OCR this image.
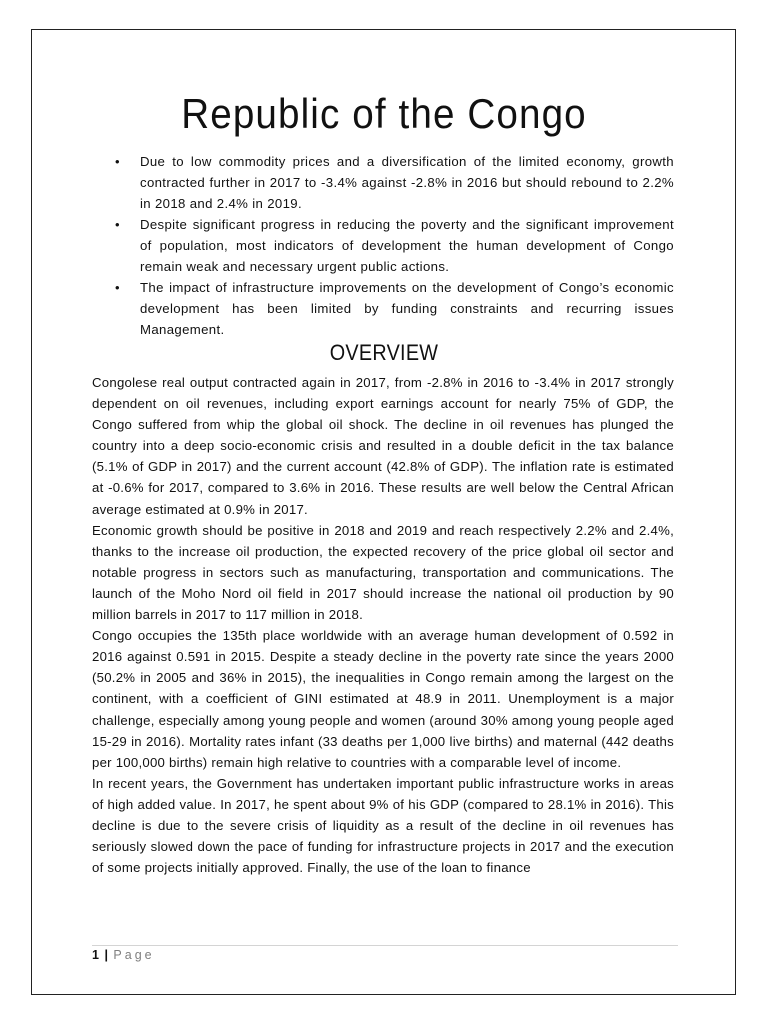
Republic of the Congo
• Due to low commodity prices and a diversification of the limited economy, growth contracted further in 2017 to -3.4% against -2.8% in 2016 but should rebound to 2.2% in 2018 and 2.4% in 2019.
• Despite significant progress in reducing the poverty and the significant improvement of population, most indicators of development the human development of Congo remain weak and necessary urgent public actions.
• The impact of infrastructure improvements on the development of Congo’s economic development has been limited by funding constraints and recurring issues Management.
OVERVIEW

Congolese real output contracted again in 2017, from -2.8% in 2016 to -3.4% in 2017 strongly dependent on oil revenues, including export earnings account for nearly 75% of GDP, the Congo suffered from whip the global oil shock. The decline in oil revenues has plunged the country into a deep socio-economic crisis and resulted in a double deficit in the tax balance (5.1% of GDP in 2017) and the current account (42.8% of GDP). The inflation rate is estimated at -0.6% for 2017, compared to 3.6% in 2016. These results are well below the Central African average estimated at 0.9% in 2017.

Economic growth should be positive in 2018 and 2019 and reach respectively 2.2% and 2.4%, thanks to the increase oil production, the expected recovery of the price global oil sector and notable progress in sectors such as manufacturing, transportation and communications. The launch of the Moho Nord oil field in 2017 should increase the national oil production by 90 million barrels in 2017 to 117 million in 2018.

Congo occupies the 135th place worldwide with an average human development of 0.592 in 2016 against 0.591 in 2015. Despite a steady decline in the poverty rate since the years 2000 (50.2% in 2005 and 36% in 2015), the inequalities in Congo remain among the largest on the continent, with a coefficient of GINI estimated at 48.9 in 2011. Unemployment is a major challenge, especially among young people and women (around 30% among young people aged 15-29 in 2016). Mortality rates infant (33 deaths per 1,000 live births) and maternal (442 deaths per 100,000 births) remain high relative to countries with a comparable level of income.

In recent years, the Government has undertaken important public infrastructure works in areas of high added value. In 2017, he spent about 9% of his GDP (compared to 28.1% in 2016). This decline is due to the severe crisis of liquidity as a result of the decline in oil revenues has seriously slowed down the pace of funding for infrastructure projects in 2017 and the execution of some projects initially approved. Finally, the use of the loan to finance

1 | Page
